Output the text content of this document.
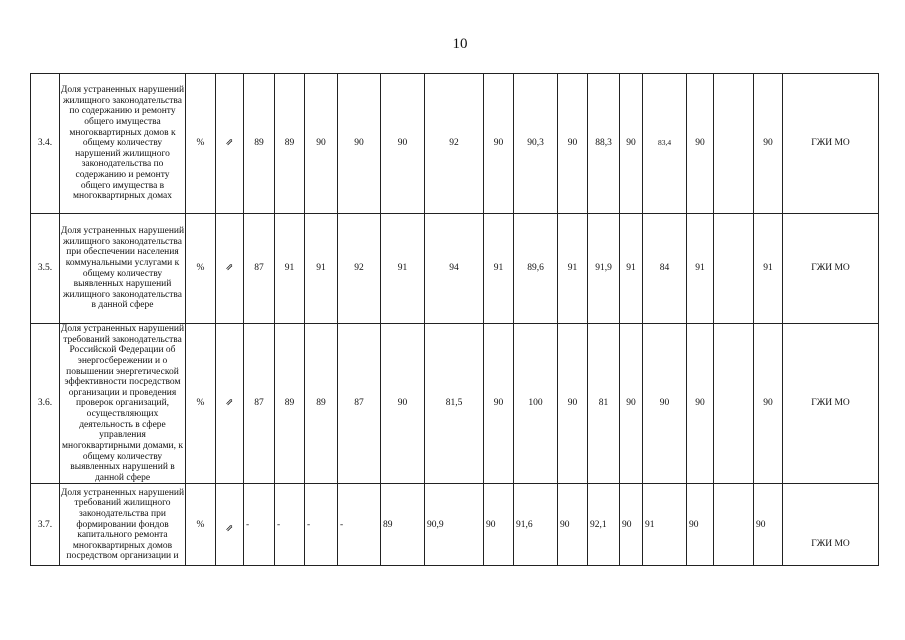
10
3.4.	Доля устраненных нарушений жилищного законодательства по содержанию и ремонту общего имущества многоквартирных домов к общему количеству нарушений жилищного законодательства по содержанию и ремонту общего имущества в многоквартирных домах	%	⇗	89	89	90	90	90	92	90	90,3	90	88,3	90	83,4	90		90	ГЖИ МО
3.5.	Доля устраненных нарушений жилищного законодательства при обеспечении населения коммунальными услугами к общему количеству выявленных нарушений жилищного законодательства в данной сфере	%	⇗	87	91	91	92	91	94	91	89,6	91	91,9	91	84	91		91	ГЖИ МО
3.6.	Доля устраненных нарушений требований законодательства Российской Федерации об энергосбережении и о повышении энергетической эффективности посредством организации и проведения проверок организаций, осуществляющих деятельность в сфере управления многоквартирными домами, к общему количеству выявленных нарушений в данной сфере	%	⇗	87	89	89	87	90	81,5	90	100	90	81	90	90	90		90	ГЖИ МО
3.7.	Доля устраненных нарушений требований жилищного законодательства при формировании фондов капитального ремонта многоквартирных домов посредством организации и	%	⇗	-	-	-	-	89	90,9	90	91,6	90	92,1	90	91	90		90	ГЖИ МО
